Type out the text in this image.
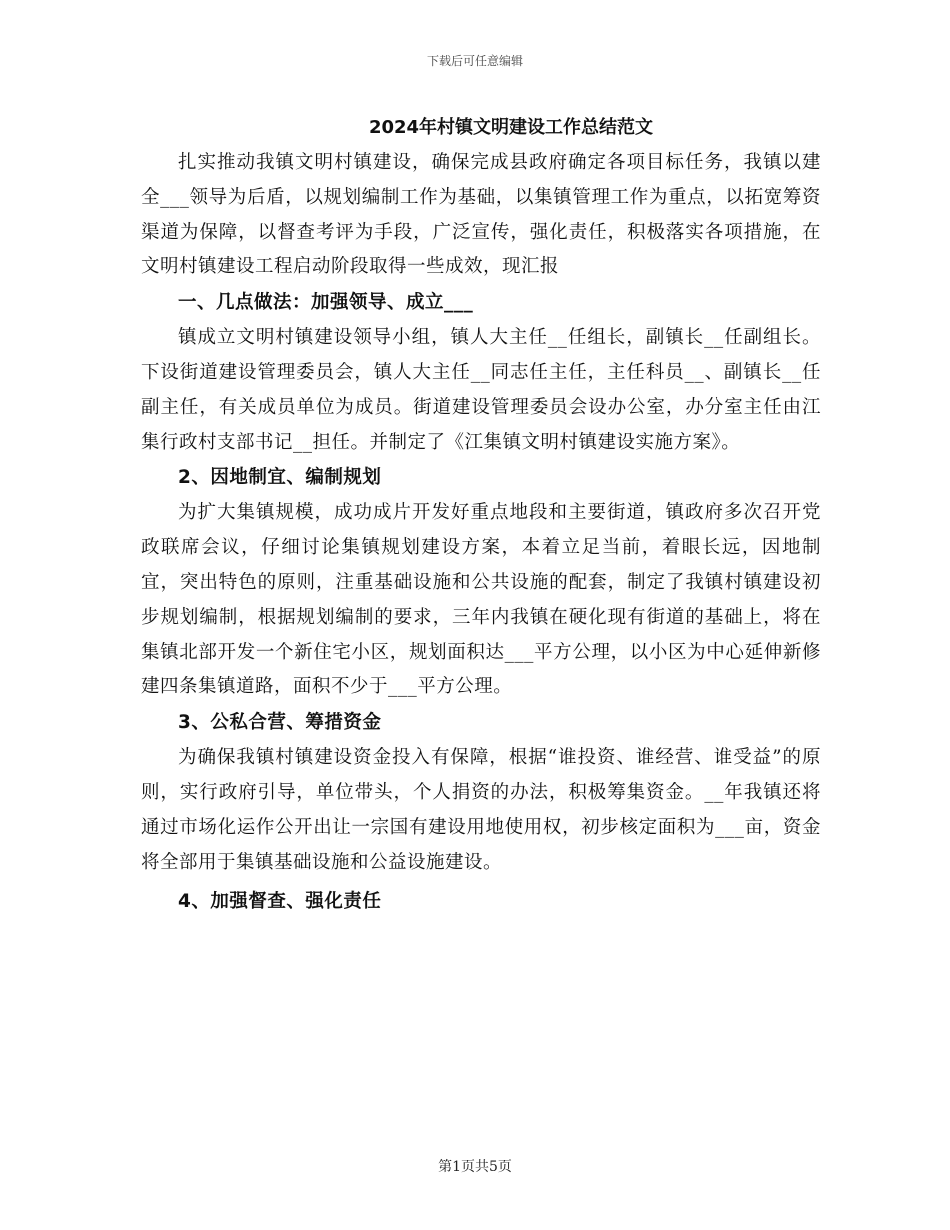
下载后可任意编辑
2024年村镇文明建设工作总结范文

扎实推动我镇文明村镇建设，确保完成县政府确定各项目标任务，我镇以建全___领导为后盾，以规划编制工作为基础，以集镇管理工作为重点，以拓宽筹资渠道为保障，以督查考评为手段，广泛宣传，强化责任，积极落实各项措施，在文明村镇建设工程启动阶段取得一些成效，现汇报

一、几点做法：加强领导、成立___

镇成立文明村镇建设领导小组，镇人大主任__任组长，副镇长__任副组长。下设街道建设管理委员会，镇人大主任__同志任主任，主任科员__、副镇长__任副主任，有关成员单位为成员。街道建设管理委员会设办公室，办分室主任由江集行政村支部书记__担任。并制定了《江集镇文明村镇建设实施方案》。

2、因地制宜、编制规划

为扩大集镇规模，成功成片开发好重点地段和主要街道，镇政府多次召开党政联席会议，仔细讨论集镇规划建设方案，本着立足当前，着眼长远，因地制宜，突出特色的原则，注重基础设施和公共设施的配套，制定了我镇村镇建设初步规划编制，根据规划编制的要求，三年内我镇在硬化现有街道的基础上，将在集镇北部开发一个新住宅小区，规划面积达___平方公理，以小区为中心延伸新修建四条集镇道路，面积不少于___平方公理。

3、公私合营、筹措资金

为确保我镇村镇建设资金投入有保障，根据“谁投资、谁经营、谁受益”的原则，实行政府引导，单位带头，个人捐资的办法，积极筹集资金。__年我镇还将通过市场化运作公开出让一宗国有建设用地使用权，初步核定面积为___亩，资金将全部用于集镇基础设施和公益设施建设。

4、加强督查、强化责任
第1页共5页
